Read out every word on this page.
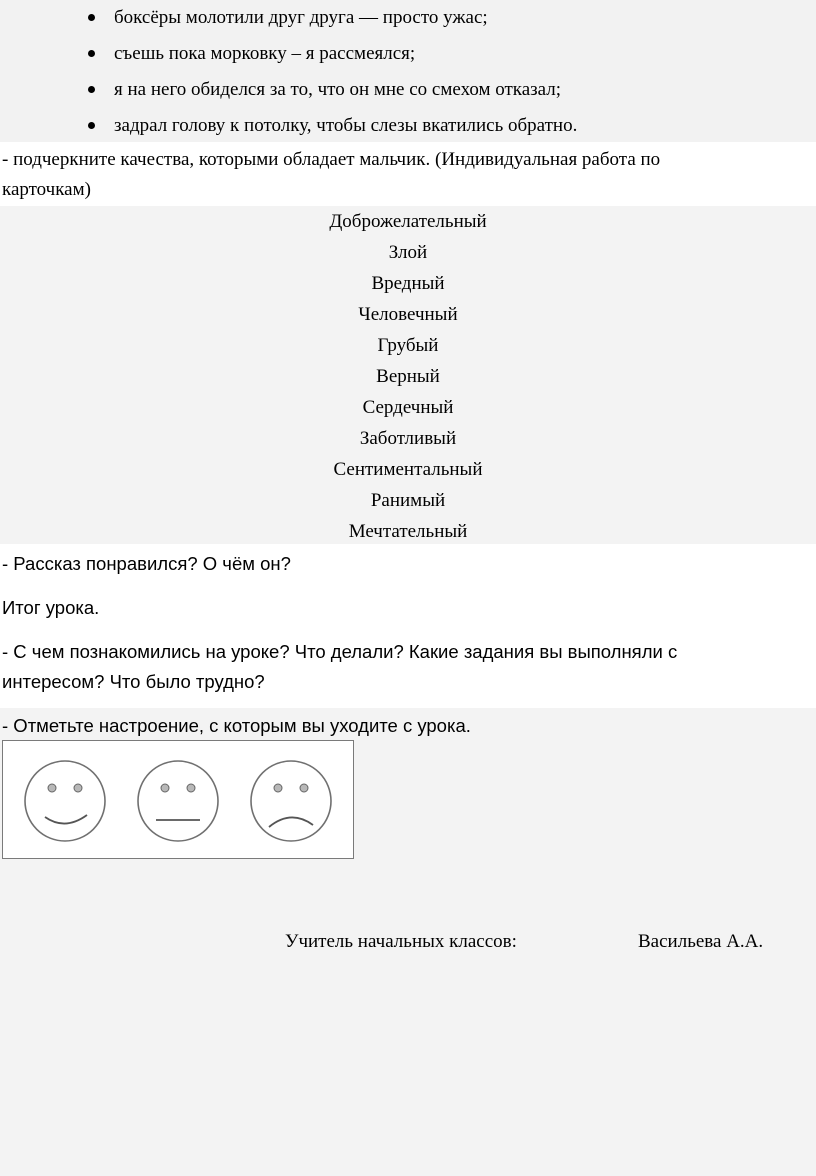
боксёры молотили друг друга — просто ужас;
съешь пока морковку – я рассмеялся;
я на него обиделся за то, что он мне со смехом отказал;
задрал голову к потолку, чтобы слезы вкатились обратно.
- подчеркните качества, которыми обладает мальчик. (Индивидуальная работа по
карточкам)
Доброжелательный
Злой
Вредный
Человечный
Грубый
Верный
Сердечный
Заботливый
Сентиментальный
Ранимый
Мечтательный
- Рассказ понравился? О чём он?
Итог урока.
- С чем познакомились на уроке? Что делали? Какие задания вы выполняли с
интересом? Что было трудно?
- Отметьте настроение, с которым вы уходите с урока.
Учитель начальных классов:	Васильева А.А.
